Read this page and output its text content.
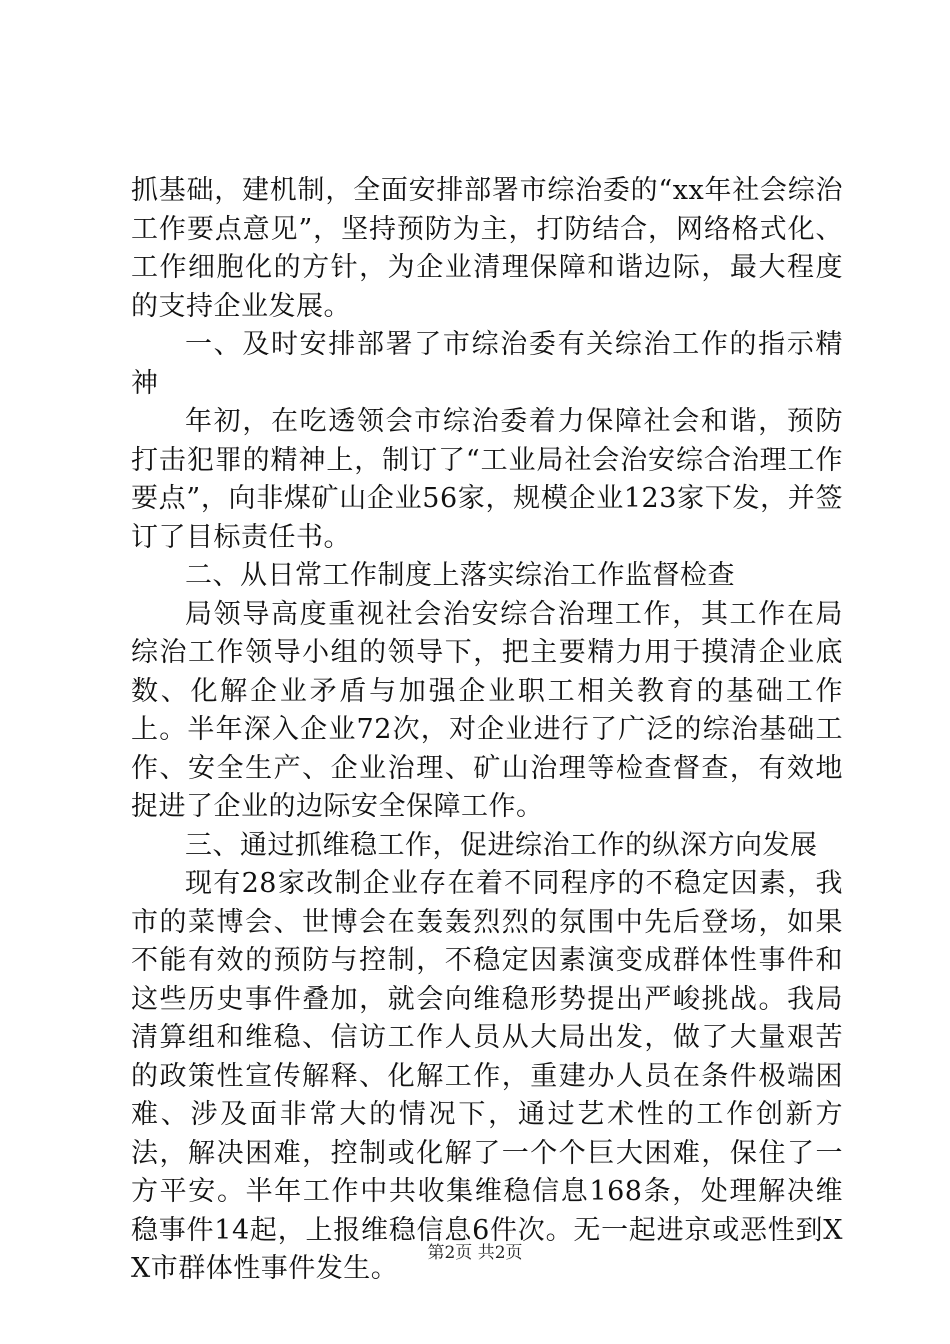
抓基础，建机制，全面安排部署市综治委的“xx年社会综治工作要点意见”，坚持预防为主，打防结合，网络格式化、工作细胞化的方针，为企业清理保障和谐边际，最大程度的支持企业发展。

一、及时安排部署了市综治委有关综治工作的指示精神

年初，在吃透领会市综治委着力保障社会和谐，预防打击犯罪的精神上，制订了“工业局社会治安综合治理工作要点”，向非煤矿山企业56家，规模企业123家下发，并签订了目标责任书。

二、从日常工作制度上落实综治工作监督检查

局领导高度重视社会治安综合治理工作，其工作在局综治工作领导小组的领导下，把主要精力用于摸清企业底数、化解企业矛盾与加强企业职工相关教育的基础工作上。半年深入企业72次，对企业进行了广泛的综治基础工作、安全生产、企业治理、矿山治理等检查督查，有效地捉进了企业的边际安全保障工作。

三、通过抓维稳工作，促进综治工作的纵深方向发展

现有28家改制企业存在着不同程序的不稳定因素，我市的菜博会、世博会在轰轰烈烈的氛围中先后登场，如果不能有效的预防与控制，不稳定因素演变成群体性事件和这些历史事件叠加，就会向维稳形势提出严峻挑战。我局清算组和维稳、信访工作人员从大局出发，做了大量艰苦的政策性宣传解释、化解工作，重建办人员在条件极端困难、涉及面非常大的情况下，通过艺术性的工作创新方法，解决困难，控制或化解了一个个巨大困难，保住了一方平安。半年工作中共收集维稳信息168条，处理解决维稳事件14起，上报维稳信息6件次。无一起进京或恶性到XX市群体性事件发生。	第2页 共2页
